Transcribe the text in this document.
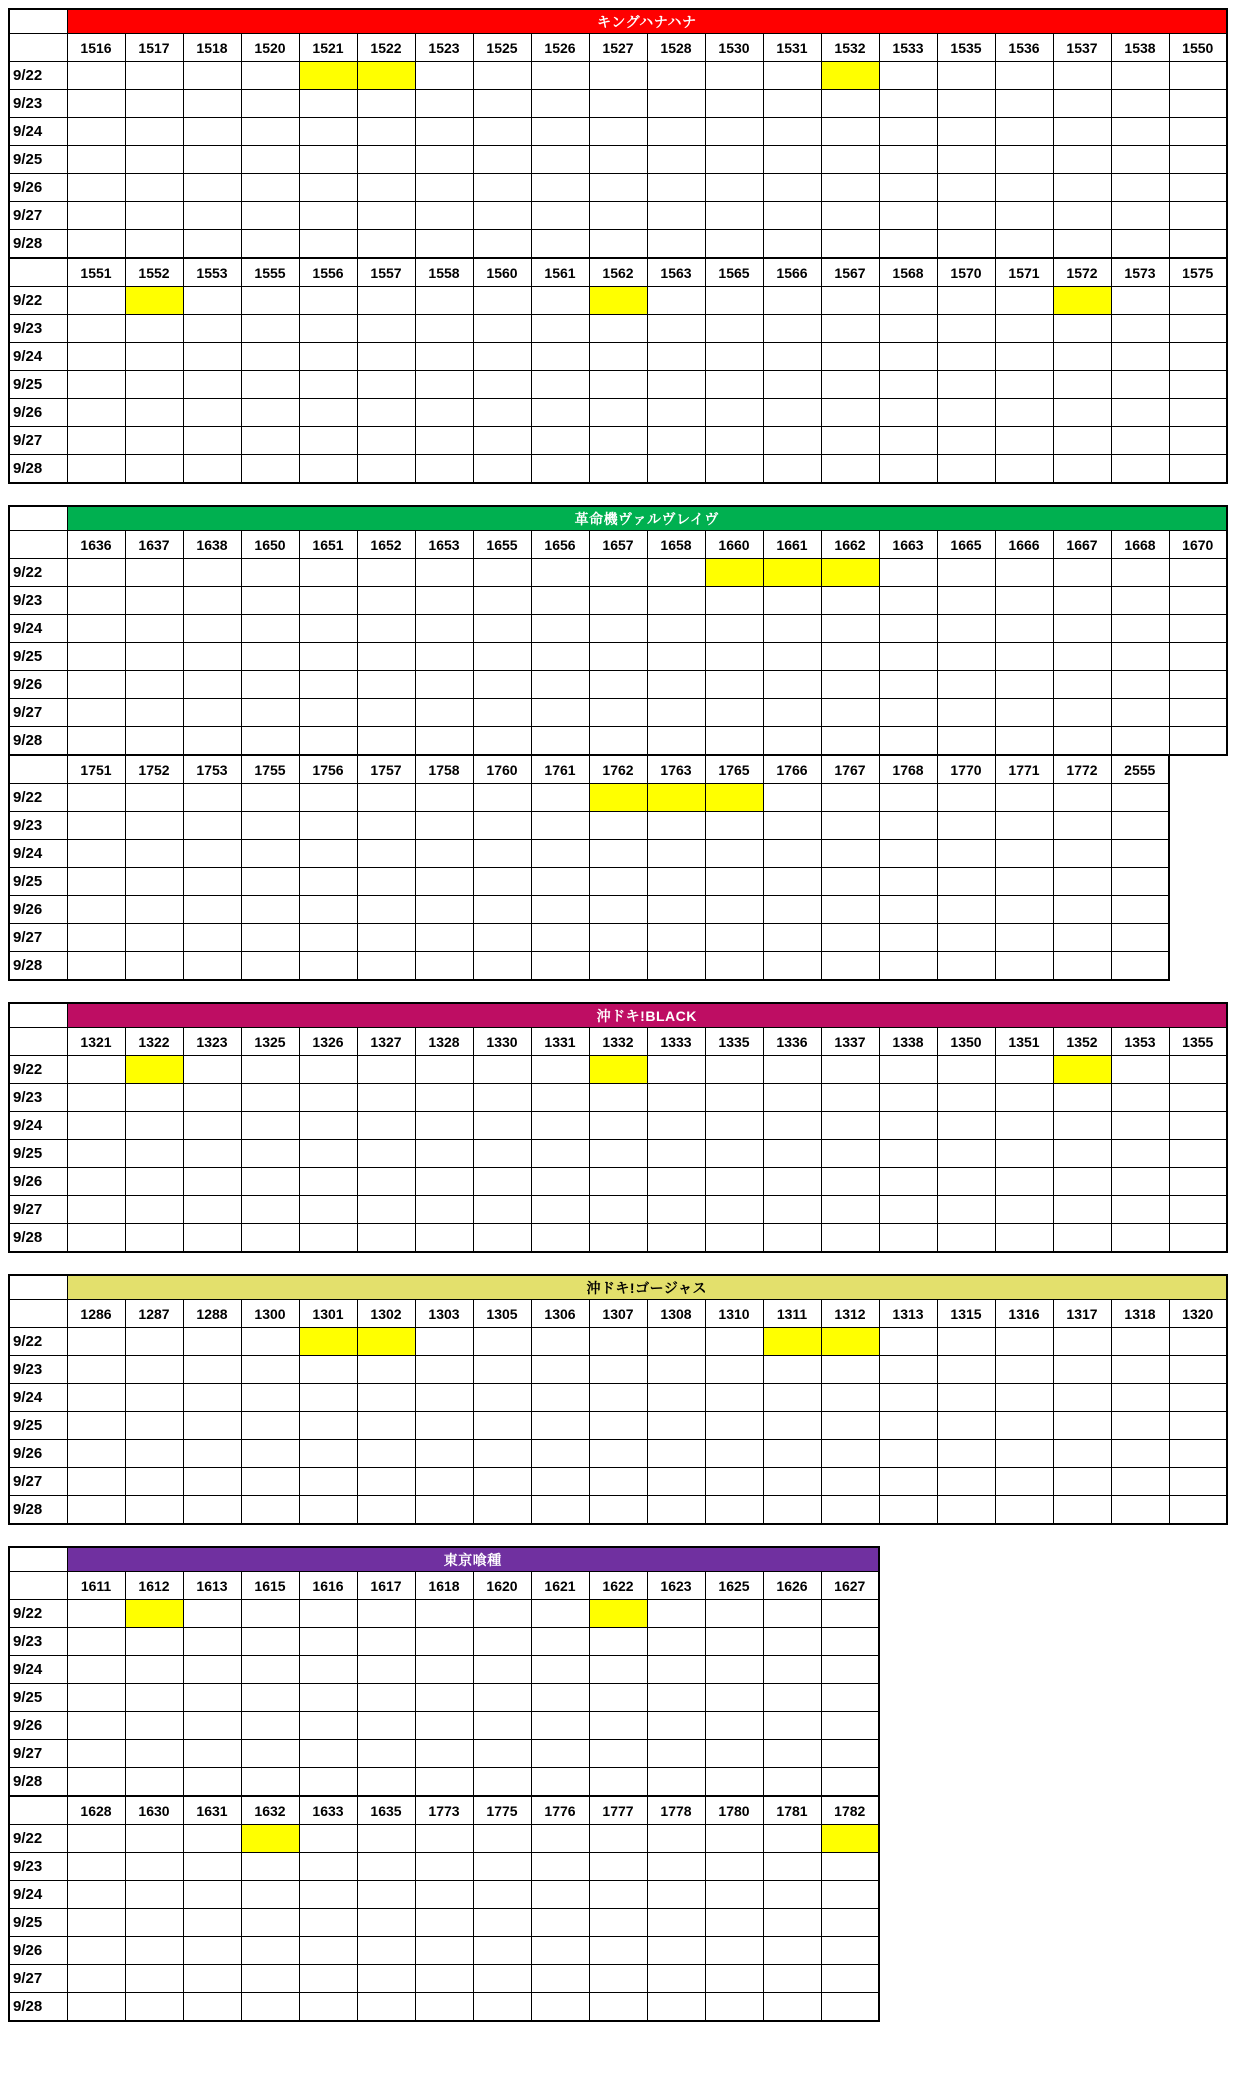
	キングハナハナ																			
	1516	1517	1518	1520	1521	1522	1523	1525	1526	1527	1528	1530	1531	1532	1533	1535	1536	1537	1538	1550
9/22																				
9/23																				
9/24																				
9/25																				
9/26																				
9/27																				
9/28																				
	1551	1552	1553	1555	1556	1557	1558	1560	1561	1562	1563	1565	1566	1567	1568	1570	1571	1572	1573	1575
9/22																				
9/23																				
9/24																				
9/25																				
9/26																				
9/27																				
9/28																				
	革命機ヴァルヴレイヴ																			
	1636	1637	1638	1650	1651	1652	1653	1655	1656	1657	1658	1660	1661	1662	1663	1665	1666	1667	1668	1670
9/22																				
9/23																				
9/24																				
9/25																				
9/26																				
9/27																				
9/28																				
	1751	1752	1753	1755	1756	1757	1758	1760	1761	1762	1763	1765	1766	1767	1768	1770	1771	1772	2555
9/22																			
9/23																			
9/24																			
9/25																			
9/26																			
9/27																			
9/28																			
	沖ドキ!BLACK																			
	1321	1322	1323	1325	1326	1327	1328	1330	1331	1332	1333	1335	1336	1337	1338	1350	1351	1352	1353	1355
9/22																				
9/23																				
9/24																				
9/25																				
9/26																				
9/27																				
9/28																				
	沖ドキ!ゴージャス																			
	1286	1287	1288	1300	1301	1302	1303	1305	1306	1307	1308	1310	1311	1312	1313	1315	1316	1317	1318	1320
9/22																				
9/23																				
9/24																				
9/25																				
9/26																				
9/27																				
9/28																				
	東京喰種													
	1611	1612	1613	1615	1616	1617	1618	1620	1621	1622	1623	1625	1626	1627
9/22														
9/23														
9/24														
9/25														
9/26														
9/27														
9/28														
	1628	1630	1631	1632	1633	1635	1773	1775	1776	1777	1778	1780	1781	1782
9/22														
9/23														
9/24														
9/25														
9/26														
9/27														
9/28														
